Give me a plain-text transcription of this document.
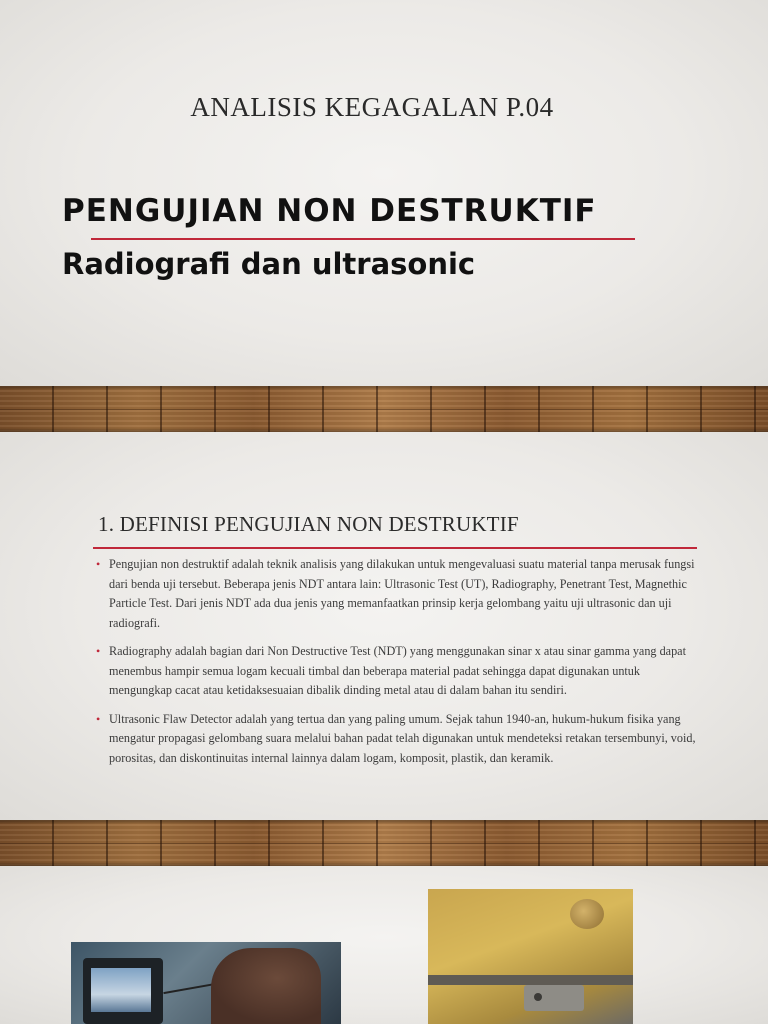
ANALISIS KEGAGALAN P.04
PENGUJIAN NON DESTRUKTIF
Radiografi dan ultrasonic
1. DEFINISI PENGUJIAN NON DESTRUKTIF
• Pengujian non destruktif adalah teknik analisis yang dilakukan untuk mengevaluasi suatu material tanpa merusak fungsi dari benda uji tersebut. Beberapa jenis NDT antara lain: Ultrasonic Test (UT), Radiography, Penetrant Test, Magnethic Particle Test. Dari jenis NDT ada dua jenis yang memanfaatkan prinsip kerja gelombang yaitu uji ultrasonic dan uji radiografi.
• Radiography adalah bagian dari Non Destructive Test (NDT) yang menggunakan sinar x atau sinar gamma yang dapat menembus hampir semua logam kecuali timbal dan beberapa material padat sehingga dapat digunakan untuk mengungkap cacat atau ketidaksesuaian dibalik dinding metal atau di dalam bahan itu sendiri.
• Ultrasonic Flaw Detector adalah yang tertua dan yang paling umum. Sejak tahun 1940-an, hukum-hukum fisika yang mengatur propagasi gelombang suara melalui bahan padat telah digunakan untuk mendeteksi retakan tersembunyi, void, porositas, dan diskontinuitas internal lainnya dalam logam, komposit, plastik, dan keramik.
